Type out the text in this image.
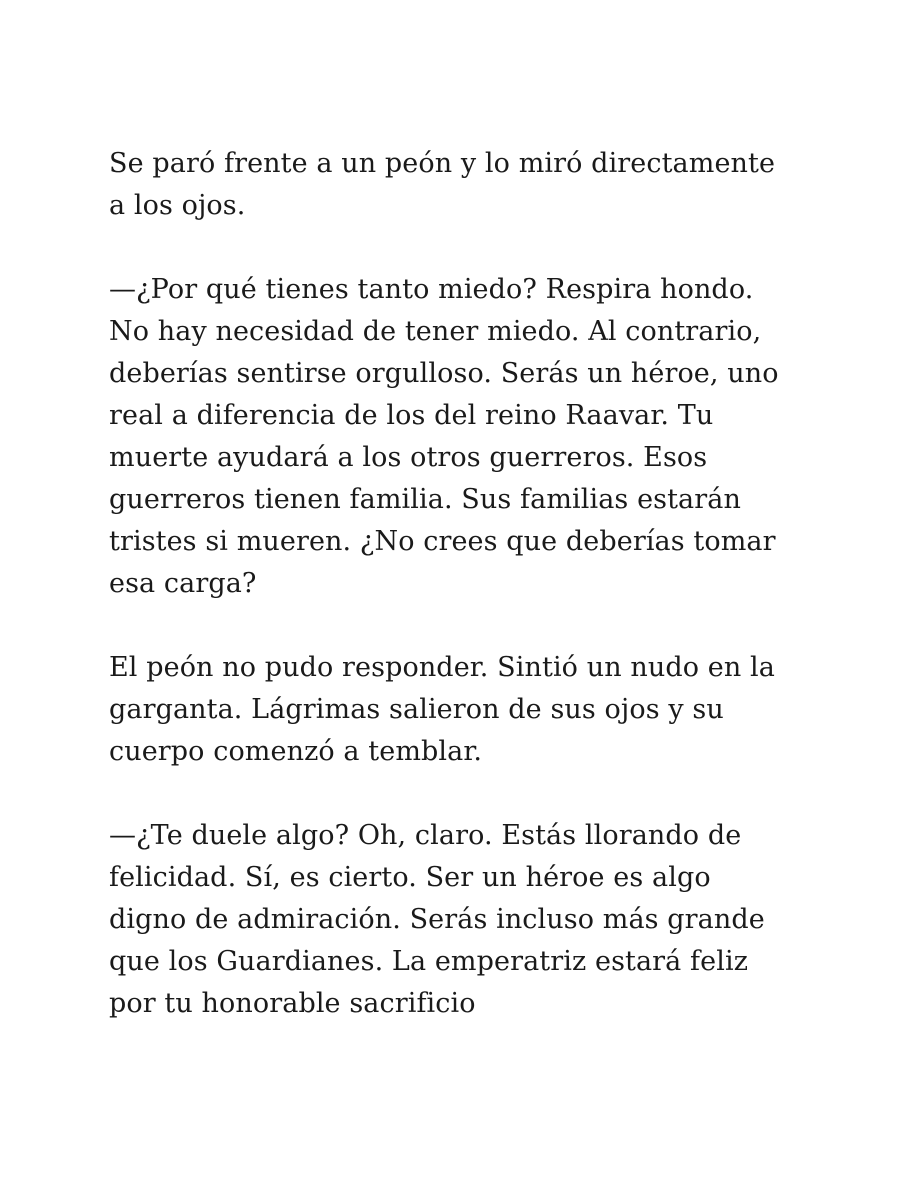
Se paró frente a un peón y lo miró directamente
a los ojos.

—¿Por qué tienes tanto miedo? Respira hondo.
No hay necesidad de tener miedo. Al contrario,
deberías sentirse orgulloso. Serás un héroe, uno
real a diferencia de los del reino Raavar. Tu
muerte ayudará a los otros guerreros. Esos
guerreros tienen familia. Sus familias estarán
tristes si mueren. ¿No crees que deberías tomar
esa carga?

El peón no pudo responder. Sintió un nudo en la
garganta. Lágrimas salieron de sus ojos y su
cuerpo comenzó a temblar.

—¿Te duele algo? Oh, claro. Estás llorando de
felicidad. Sí, es cierto. Ser un héroe es algo
digno de admiración. Serás incluso más grande
que los Guardianes. La emperatriz estará feliz
por tu honorable sacrificio
